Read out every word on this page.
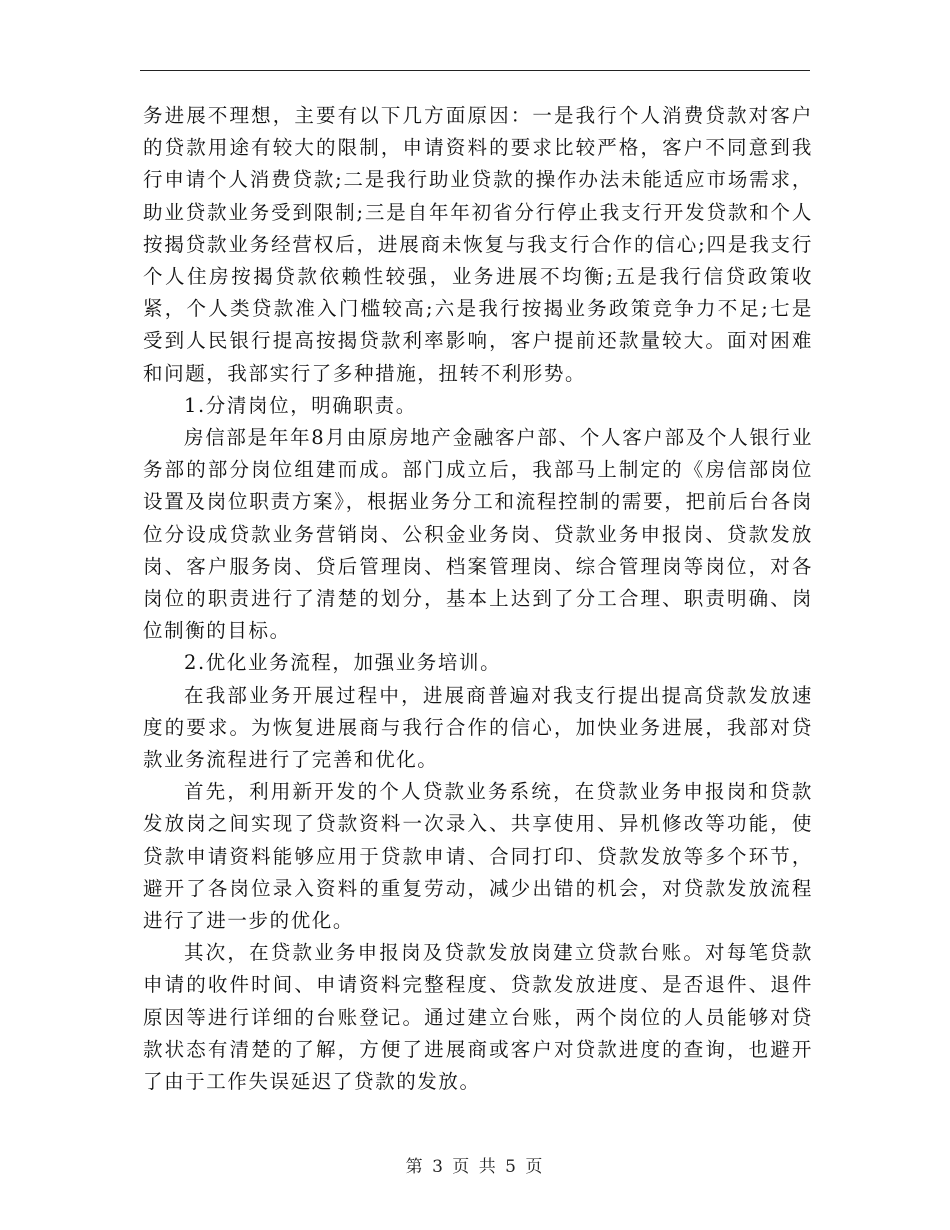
务进展不理想，主要有以下几方面原因：一是我行个人消费贷款对客户的贷款用途有较大的限制，申请资料的要求比较严格，客户不同意到我行申请个人消费贷款;二是我行助业贷款的操作办法未能适应市场需求，助业贷款业务受到限制;三是自年年初省分行停止我支行开发贷款和个人按揭贷款业务经营权后，进展商未恢复与我支行合作的信心;四是我支行个人住房按揭贷款依赖性较强，业务进展不均衡;五是我行信贷政策收紧，个人类贷款准入门槛较高;六是我行按揭业务政策竞争力不足;七是受到人民银行提高按揭贷款利率影响，客户提前还款量较大。面对困难和问题，我部实行了多种措施，扭转不利形势。

1.分清岗位，明确职责。

房信部是年年8月由原房地产金融客户部、个人客户部及个人银行业务部的部分岗位组建而成。部门成立后，我部马上制定的《房信部岗位设置及岗位职责方案》，根据业务分工和流程控制的需要，把前后台各岗位分设成贷款业务营销岗、公积金业务岗、贷款业务申报岗、贷款发放岗、客户服务岗、贷后管理岗、档案管理岗、综合管理岗等岗位，对各岗位的职责进行了清楚的划分，基本上达到了分工合理、职责明确、岗位制衡的目标。

2.优化业务流程，加强业务培训。

在我部业务开展过程中，进展商普遍对我支行提出提高贷款发放速度的要求。为恢复进展商与我行合作的信心，加快业务进展，我部对贷款业务流程进行了完善和优化。

首先，利用新开发的个人贷款业务系统，在贷款业务申报岗和贷款发放岗之间实现了贷款资料一次录入、共享使用、异机修改等功能，使贷款申请资料能够应用于贷款申请、合同打印、贷款发放等多个环节，避开了各岗位录入资料的重复劳动，减少出错的机会，对贷款发放流程进行了进一步的优化。

其次，在贷款业务申报岗及贷款发放岗建立贷款台账。对每笔贷款申请的收件时间、申请资料完整程度、贷款发放进度、是否退件、退件原因等进行详细的台账登记。通过建立台账，两个岗位的人员能够对贷款状态有清楚的了解，方便了进展商或客户对贷款进度的查询，也避开了由于工作失误延迟了贷款的发放。

第 3 页 共 5 页
